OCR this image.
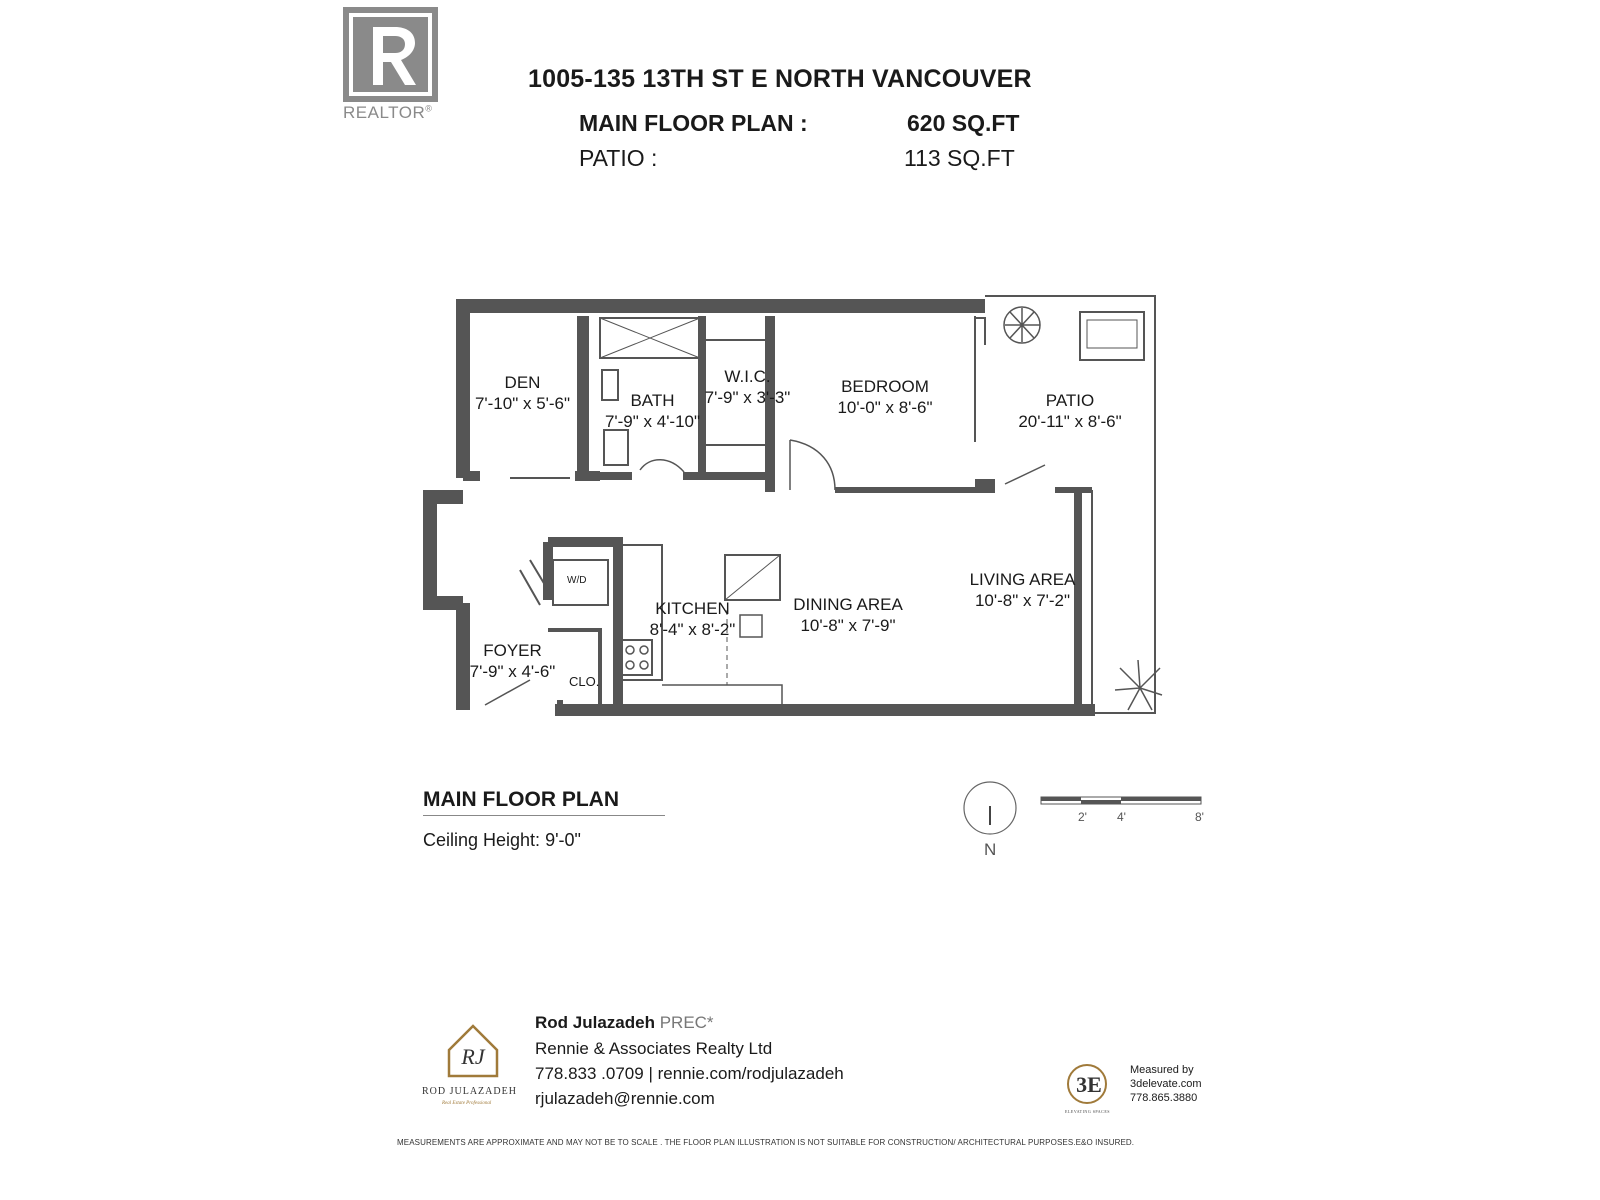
REALTOR®
1005-135 13TH ST E NORTH VANCOUVER
MAIN FLOOR PLAN :	620 SQ.FT
PATIO :	113 SQ.FT
DEN
7'-10" x 5'-6"	BATH
7'-9" x 4'-10"
W.I.C.
7'-9" x 3'-3"
BEDROOM
10'-0" x 8'-6"	PATIO
20'-11" x 8'-6"
KITCHEN
8'-4" x 8'-2"
DINING AREA
10'-8" x 7'-9"
LIVING AREA
10'-8" x 7'-2"
FOYER
7'-9" x 4'-6"
CLO.
W/D
MAIN FLOOR PLAN
Ceiling Height: 9'-0"	N
2'	4'	8'
RJ
ROD JULAZADEH
Real Estate Professional
Rod Julazadeh PREC*
Rennie & Associates Realty Ltd
778.833 .0709 | rennie.com/rodjulazadeh
rjulazadeh@rennie.com
3E
ELEVATING SPACES
Measured by
3delevate.com
778.865.3880
MEASUREMENTS ARE APPROXIMATE AND MAY NOT BE TO SCALE . THE FLOOR PLAN ILLUSTRATION IS NOT SUITABLE FOR CONSTRUCTION/ ARCHITECTURAL PURPOSES.E&O INSURED.
